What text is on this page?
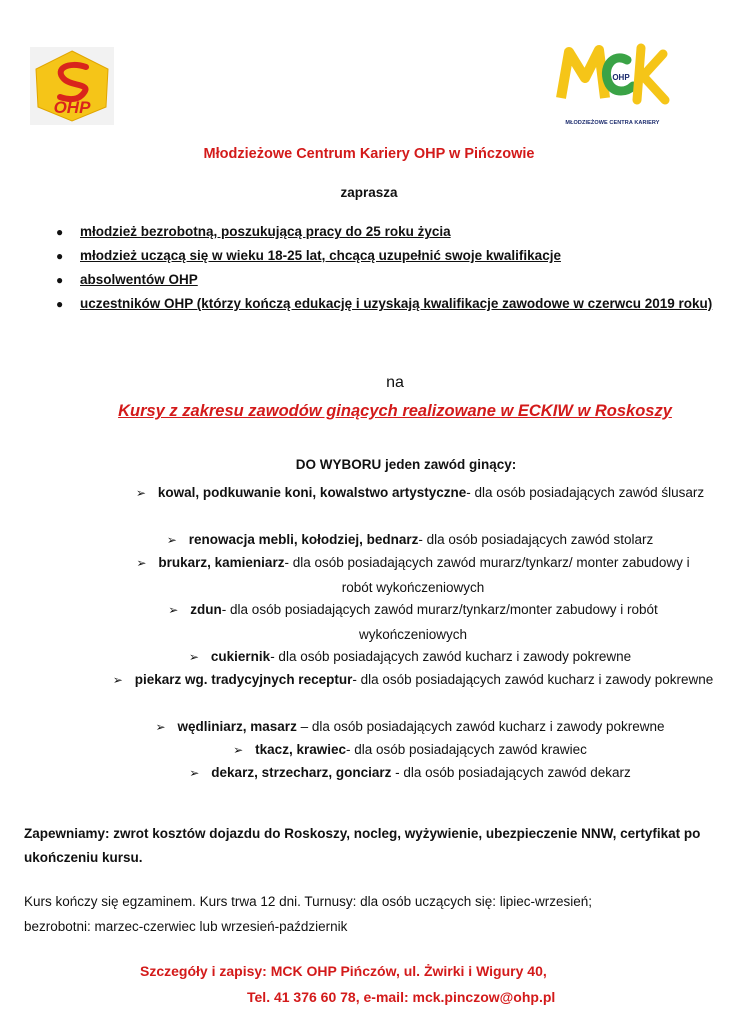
OHP
OHP
MŁODZIEŻOWE CENTRA KARIERY
Młodzieżowe Centrum Kariery OHP w Pińczowie
zaprasza
● młodzież bezrobotną, poszukującą pracy do 25 roku życia
● młodzież uczącą się w wieku 18-25 lat, chcącą uzupełnić swoje kwalifikacje
● absolwentów OHP
● uczestników OHP (którzy kończą edukację i uzyskają kwalifikacje zawodowe w czerwcu 2019 roku)
na
Kursy z zakresu zawodów ginących realizowane w ECKIW w Roskoszy
DO WYBORU jeden zawód ginący:
➢ kowal, podkuwanie koni, kowalstwo artystyczne- dla osób posiadających zawód ślusarz
➢ renowacja mebli, kołodziej, bednarz- dla osób posiadających zawód stolarz
➢ brukarz, kamieniarz- dla osób posiadających zawód murarz/tynkarz/ monter zabudowy i robót wykończeniowych
➢ zdun- dla osób posiadających zawód murarz/tynkarz/monter zabudowy i robót wykończeniowych
➢ cukiernik- dla osób posiadających zawód kucharz i zawody pokrewne
➢ piekarz wg. tradycyjnych receptur- dla osób posiadających zawód kucharz i zawody pokrewne
➢ wędliniarz, masarz – dla osób posiadających zawód kucharz i zawody pokrewne
➢ tkacz, krawiec- dla osób posiadających zawód krawiec
➢ dekarz, strzecharz, gonciarz - dla osób posiadających zawód dekarz
Zapewniamy: zwrot kosztów dojazdu do Roskoszy, nocleg, wyżywienie, ubezpieczenie NNW, certyfikat po ukończeniu kursu.
Kurs kończy się egzaminem. Kurs trwa 12 dni. Turnusy: dla osób uczących się: lipiec-wrzesień;
bezrobotni: marzec-czerwiec lub wrzesień-październik
Szczegóły i zapisy: MCK OHP Pińczów, ul. Żwirki i Wigury 40,
Tel. 41 376 60 78, e-mail: mck.pinczow@ohp.pl
